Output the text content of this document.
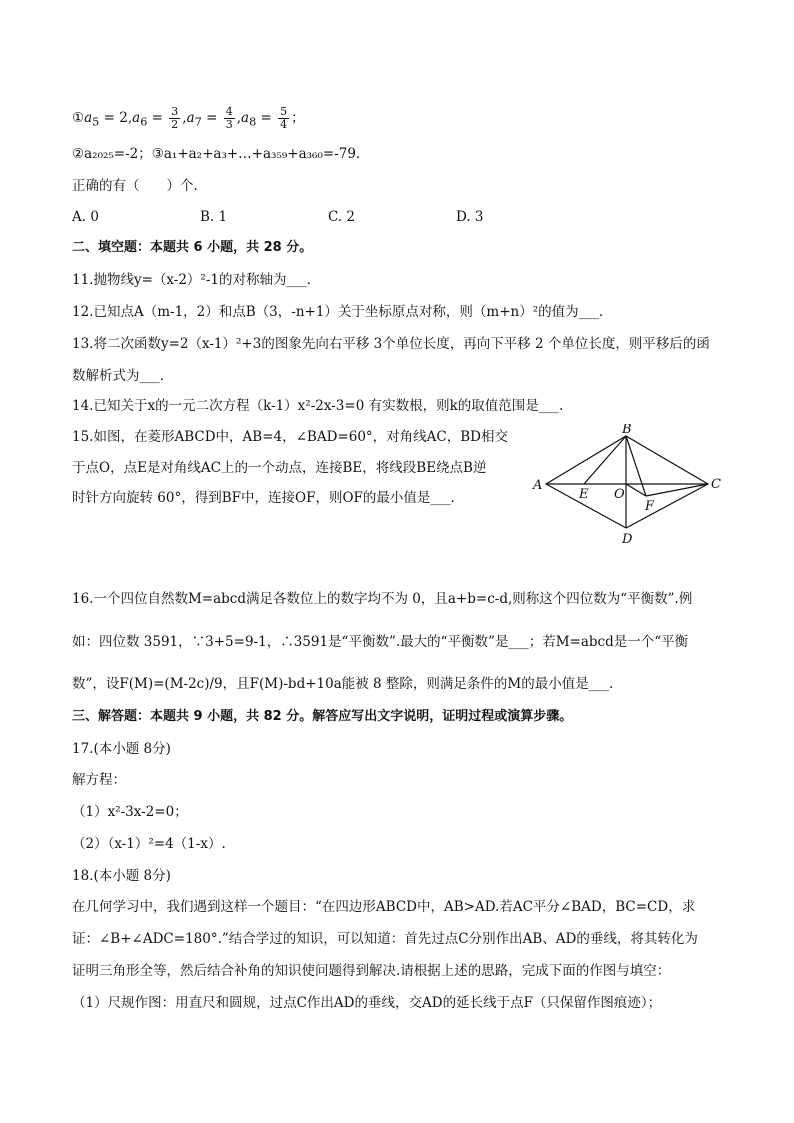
$①a_5 = 2,a_6 = \frac{3}{2} ,a_7 = \frac{4}{3} ,a_8 = \frac{5}{4}$ ；
②a₂₀₂₅=-2；③a₁+a₂+a₃+…+a₃₅₉+a₃₆₀=-79.
正确的有（　　）个.
A. 0	B. 1	C. 2	D. 3
二、填空题：本题共 6 小题，共 28 分。
11.抛物线y=（x-2）²-1的对称轴为___．
12.已知点A（m-1，2）和点B（3，-n+1）关于坐标原点对称，则（m+n）²的值为___．
13.将二次函数y=2（x-1）²+3的图象先向右平移 3个单位长度，再向下平移 2 个单位长度，则平移后的函
数解析式为___．
14.已知关于x的一元二次方程（k-1）x²-2x-3=0 有实数根，则k的取值范围是___.
15.如图，在菱形ABCD中，AB=4，∠BAD=60°，对角线AC，BD相交
于点O，点E是对角线AC上的一个动点，连接BE，将线段BE绕点B逆
时针方向旋转 60°，得到BF中，连接OF，则OF的最小值是___．
A
B
C
D
E O
F
16.一个四位自然数M=abcd满足各数位上的数字均不为 0，且a+b=c-d,则称这个四位数为“平衡数”.例
如：四位数 3591，∵3+5=9-1，∴3591是“平衡数”.最大的“平衡数”是___；若M=abcd是一个“平衡
数”，设F(M)=(M-2c)/9，且F(M)-bd+10a能被 8 整除，则满足条件的M的最小值是___.
三、解答题：本题共 9 小题，共 82 分。解答应写出文字说明，证明过程或演算步骤。
17.(本小题 8分)
解方程：
（1）x²-3x-2=0；
（2）（x-1）²=4（1-x）.
18.(本小题 8分)
在几何学习中，我们遇到这样一个题目：“在四边形ABCD中，AB>AD.若AC平分∠BAD，BC=CD，求
证：∠B+∠ADC=180°.”结合学过的知识，可以知道：首先过点C分别作出AB、AD的垂线，将其转化为
证明三角形全等，然后结合补角的知识使问题得到解决.请根据上述的思路，完成下面的作图与填空：
（1）尺规作图：用直尺和圆规，过点C作出AD的垂线，交AD的延长线于点F（只保留作图痕迹）；
